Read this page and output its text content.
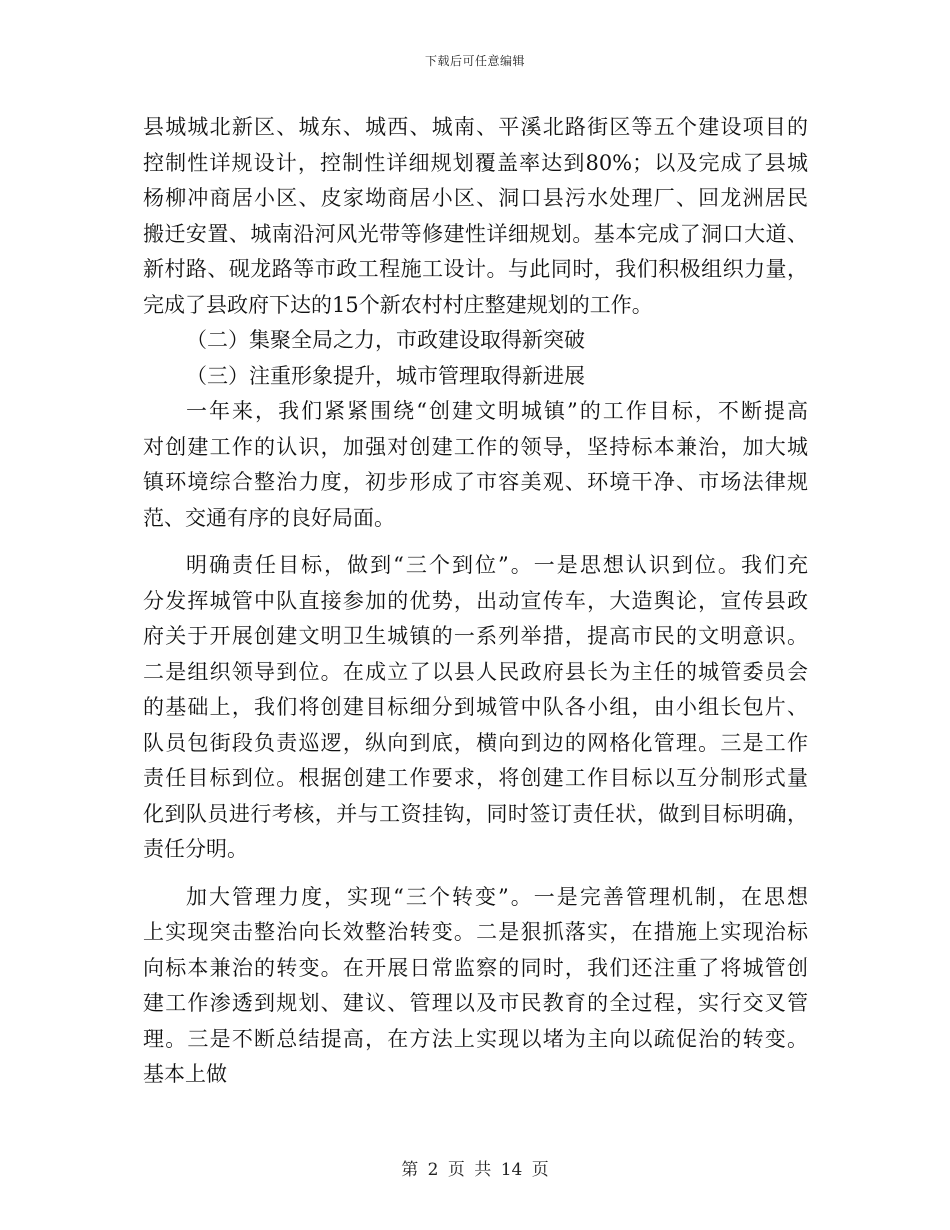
下载后可任意编辑
县城城北新区、城东、城西、城南、平溪北路街区等五个建设项目的
控制性详规设计，控制性详细规划覆盖率达到80%；以及完成了县城
杨柳冲商居小区、皮家坳商居小区、洞口县污水处理厂、回龙洲居民
搬迁安置、城南沿河风光带等修建性详细规划。基本完成了洞口大道、
新村路、砚龙路等市政工程施工设计。与此同时，我们积极组织力量，
完成了县政府下达的15个新农村村庄整建规划的工作。
（二）集聚全局之力，市政建设取得新突破
（三）注重形象提升，城市管理取得新进展
一年来，我们紧紧围绕“创建文明城镇”的工作目标，不断提高
对创建工作的认识，加强对创建工作的领导，坚持标本兼治，加大城
镇环境综合整治力度，初步形成了市容美观、环境干净、市场法律规
范、交通有序的良好局面。
明确责任目标，做到“三个到位”。一是思想认识到位。我们充
分发挥城管中队直接参加的优势，出动宣传车，大造舆论，宣传县政
府关于开展创建文明卫生城镇的一系列举措，提高市民的文明意识。
二是组织领导到位。在成立了以县人民政府县长为主任的城管委员会
的基础上，我们将创建目标细分到城管中队各小组，由小组长包片、
队员包街段负责巡逻，纵向到底，横向到边的网格化管理。三是工作
责任目标到位。根据创建工作要求，将创建工作目标以互分制形式量
化到队员进行考核，并与工资挂钩，同时签订责任状，做到目标明确，
责任分明。
加大管理力度，实现“三个转变”。一是完善管理机制，在思想
上实现突击整治向长效整治转变。二是狠抓落实，在措施上实现治标
向标本兼治的转变。在开展日常监察的同时，我们还注重了将城管创
建工作渗透到规划、建议、管理以及市民教育的全过程，实行交叉管
理。三是不断总结提高，在方法上实现以堵为主向以疏促治的转变。
基本上做
第 2 页 共 14 页
